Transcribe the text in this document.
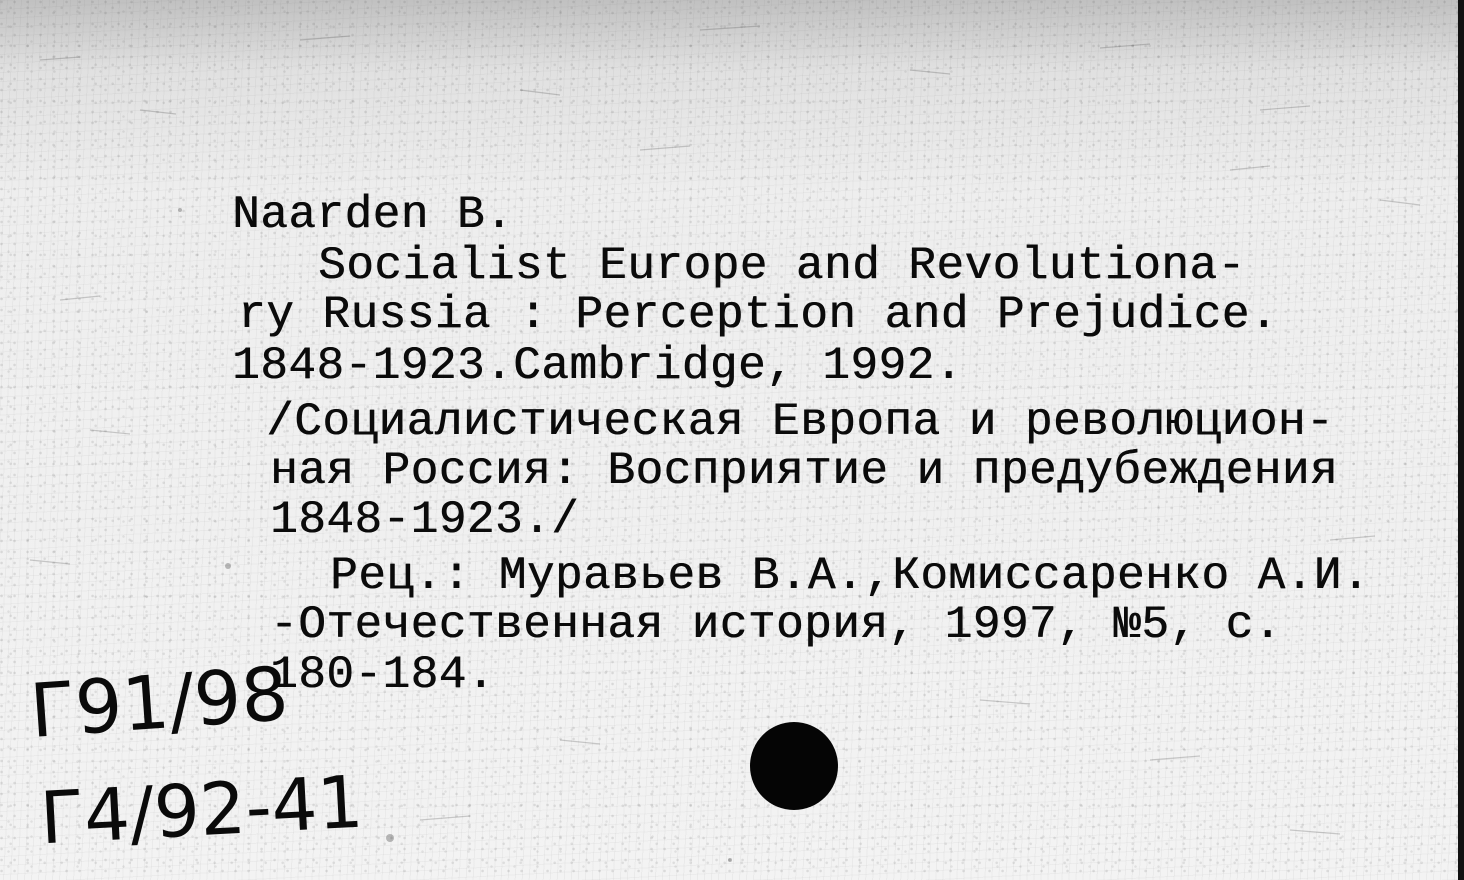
Naarden B.
Socialist Europe and Revolutiona-
ry Russia : Perception and Prejudice.
1848-1923.Cambridge, 1992.
/Социалистическая Европа и революцион-
ная Россия: Восприятие и предубеждения
1848-1923./
Рец.: Муравьев В.А.,Комиссаренко А.И.
-Отечественная история, 1997, №5, с.
180-184.
Г91/98
Г4/92-41
